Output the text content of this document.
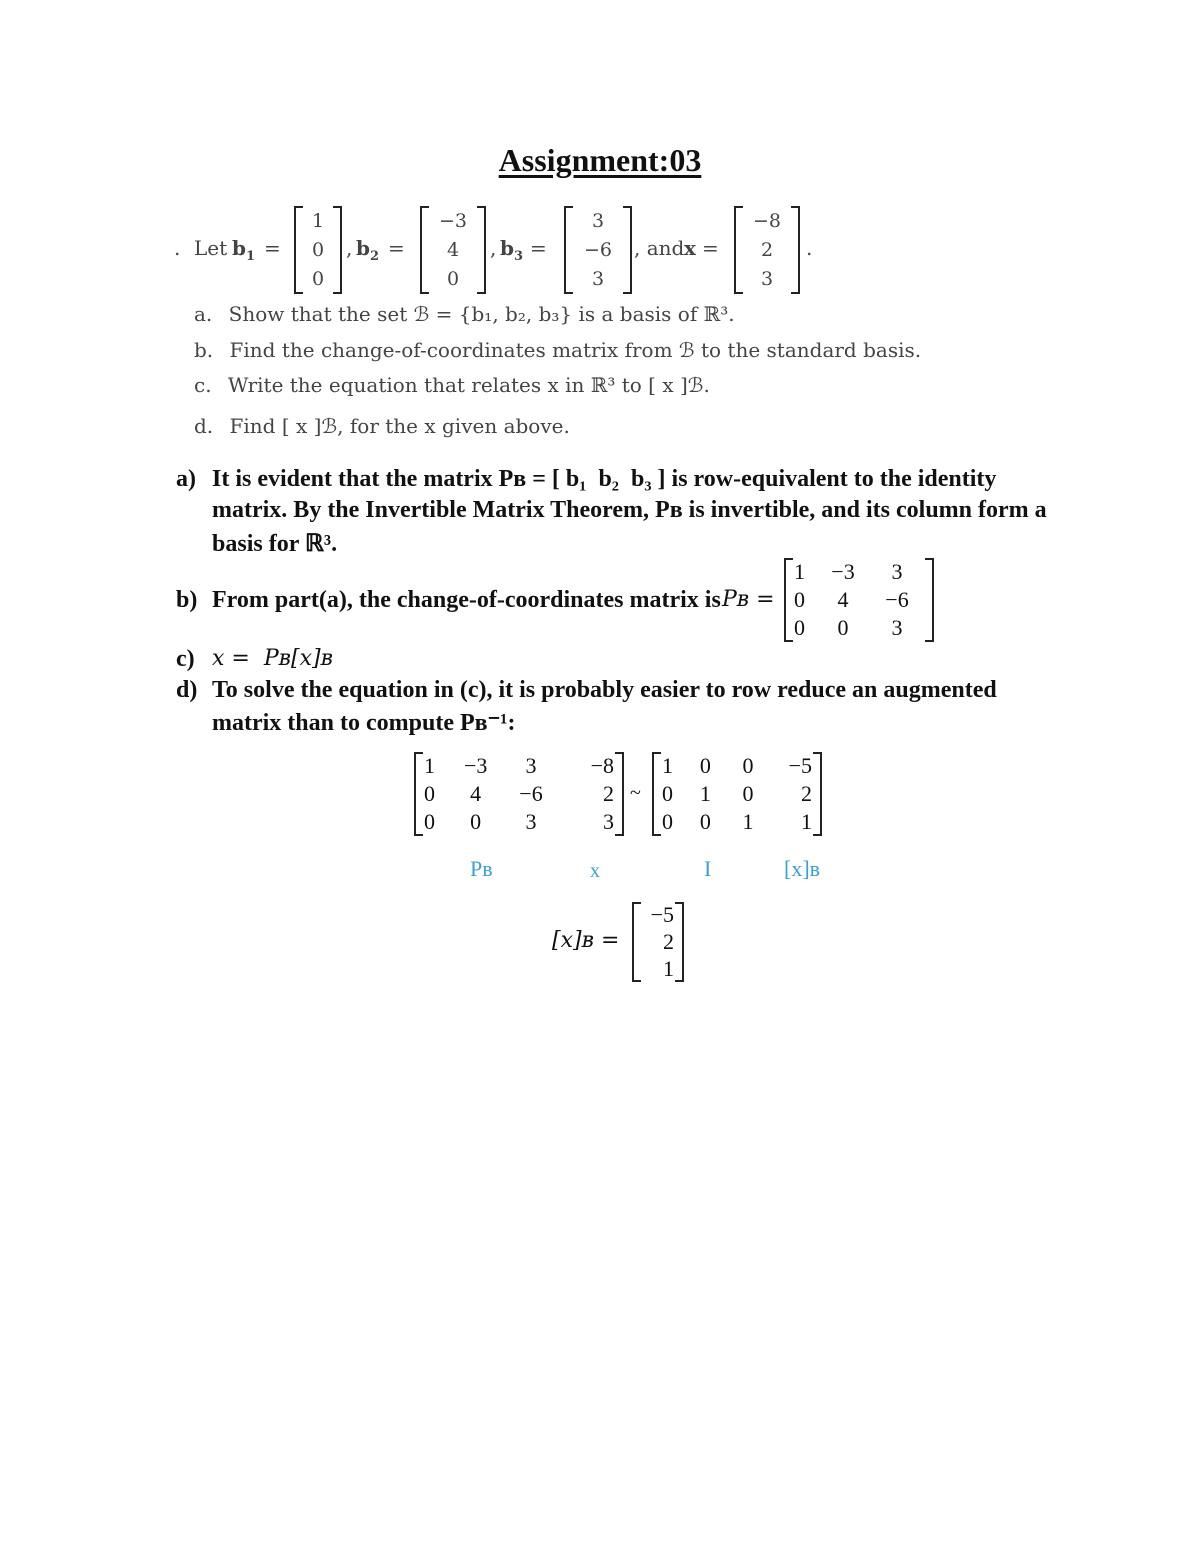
Assignment:03
. Let $b_1$ =
1
0
0
, $b_2$ =
−3
4
0
, $b_3$ =
3
−6
3
, and x =
−8
2
3
.
a. Show that the set ℬ = {b₁, b₂, b₃} is a basis of ℝ³.
b. Find the change-of-coordinates matrix from ℬ to the standard basis.
c. Write the equation that relates x in ℝ³ to [ x ]ℬ.
d. Find [ x ]ℬ, for the x given above.
a) It is evident that the matrix Pʙ = [ b₁  b₂  b₃ ] is row-equivalent to the identity
matrix. By the Invertible Matrix Theorem, Pʙ is invertible, and its column form a
basis for ℝ³.
b) From part(a), the change-of-coordinates matrix is Pʙ =
1	−3	3
0	4	−6
0	0	3
c) x =  Pʙ[x]ʙ
d) To solve the equation in (c), it is probably easier to row reduce an augmented
matrix than to compute Pʙ⁻¹:
1	−3	3	−8
0	4	−6	2
0	0	3	3
~
1	0	0	−5
0	1	0	2
0	0	1	1
Pʙ	x	I	[x]ʙ
[x]ʙ =
−5
2
1
